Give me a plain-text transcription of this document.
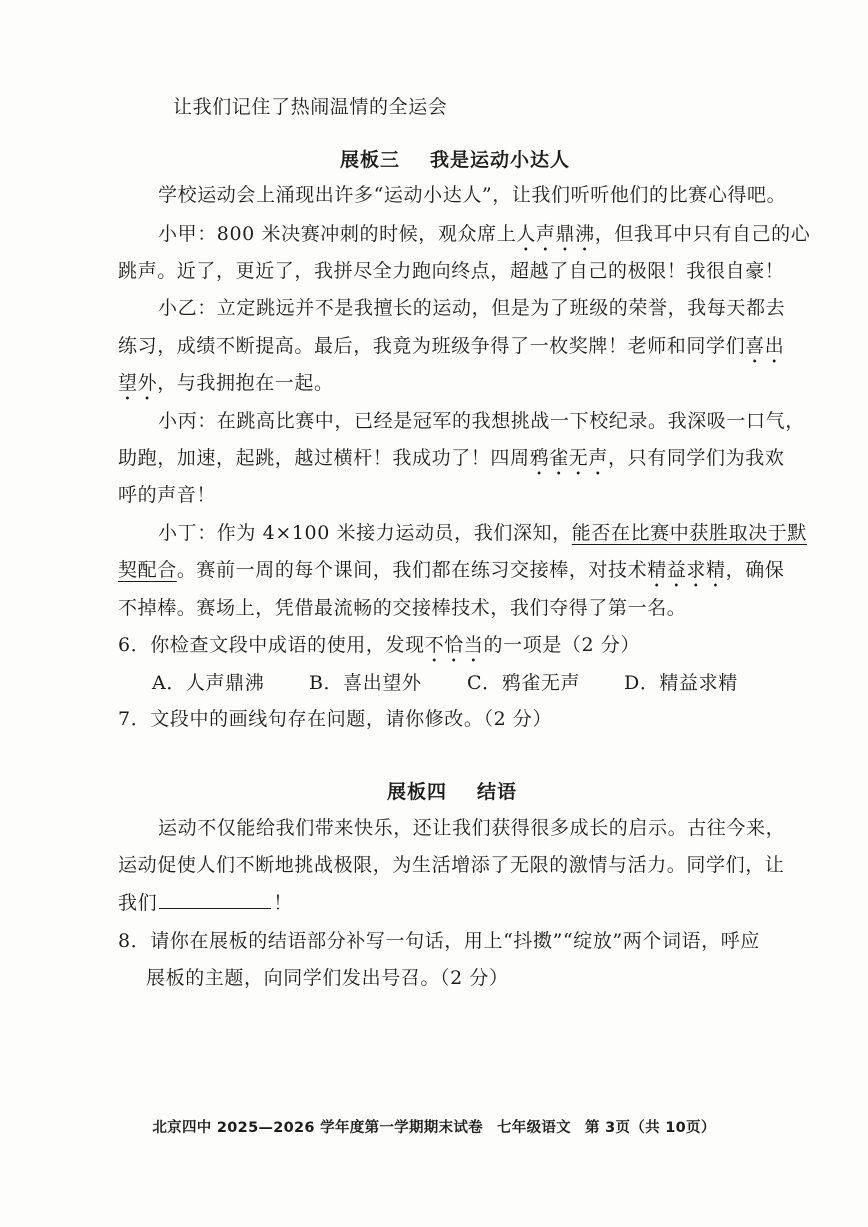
让我们记住了热闹温情的全运会
展板三 我是运动小达人
学校运动会上涌现出许多“运动小达人”，让我们听听他们的比赛心得吧。
小甲：800 米决赛冲刺的时候，观众席上人声鼎沸，但我耳中只有自己的心
跳声。近了，更近了，我拼尽全力跑向终点，超越了自己的极限！我很自豪！
小乙：立定跳远并不是我擅长的运动，但是为了班级的荣誉，我每天都去
练习，成绩不断提高。最后，我竟为班级争得了一枚奖牌！老师和同学们喜出
望外，与我拥抱在一起。
小丙：在跳高比赛中，已经是冠军的我想挑战一下校纪录。我深吸一口气，
助跑，加速，起跳，越过横杆！我成功了！四周鸦雀无声，只有同学们为我欢
呼的声音！
小丁：作为 4×100 米接力运动员，我们深知，能否在比赛中获胜取决于默
契配合。赛前一周的每个课间，我们都在练习交接棒，对技术精益求精，确保
不掉棒。赛场上，凭借最流畅的交接棒技术，我们夺得了第一名。
6．你检查文段中成语的使用，发现不恰当的一项是（2 分）
A．人声鼎沸 B．喜出望外 C．鸦雀无声 D．精益求精
7．文段中的画线句存在问题，请你修改。（2 分）
展板四 结语
运动不仅能给我们带来快乐，还让我们获得很多成长的启示。古往今来，
运动促使人们不断地挑战极限，为生活增添了无限的激情与活力。同学们，让
我们	！
8．请你在展板的结语部分补写一句话，用上“抖擞”“绽放”两个词语，呼应
展板的主题，向同学们发出号召。（2 分）
北京四中 2025—2026 学年度第一学期期末试卷 七年级语文 第 3页（共 10页）
